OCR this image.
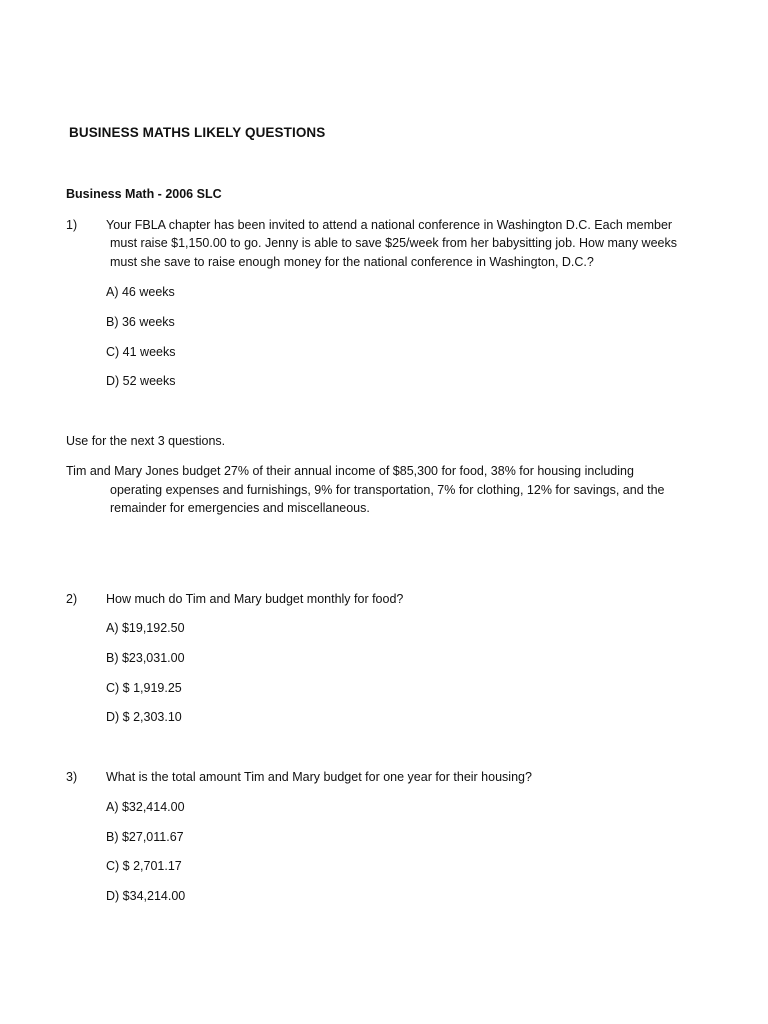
BUSINESS MATHS LIKELY QUESTIONS
Business Math - 2006 SLC
1) Your FBLA chapter has been invited to attend a national conference in Washington D.C. Each member
must raise $1,150.00 to go. Jenny is able to save $25/week from her babysitting job. How many weeks
must she save to raise enough money for the national conference in Washington, D.C.?
A) 46 weeks
B) 36 weeks
C) 41 weeks
D) 52 weeks
Use for the next 3 questions.
Tim and Mary Jones budget 27% of their annual income of $85,300 for food, 38% for housing including
operating expenses and furnishings, 9% for transportation, 7% for clothing, 12% for savings, and the
remainder for emergencies and miscellaneous.
2) How much do Tim and Mary budget monthly for food?
A) $19,192.50
B) $23,031.00
C) $ 1,919.25
D) $ 2,303.10
3) What is the total amount Tim and Mary budget for one year for their housing?
A) $32,414.00
B) $27,011.67
C) $ 2,701.17
D) $34,214.00
